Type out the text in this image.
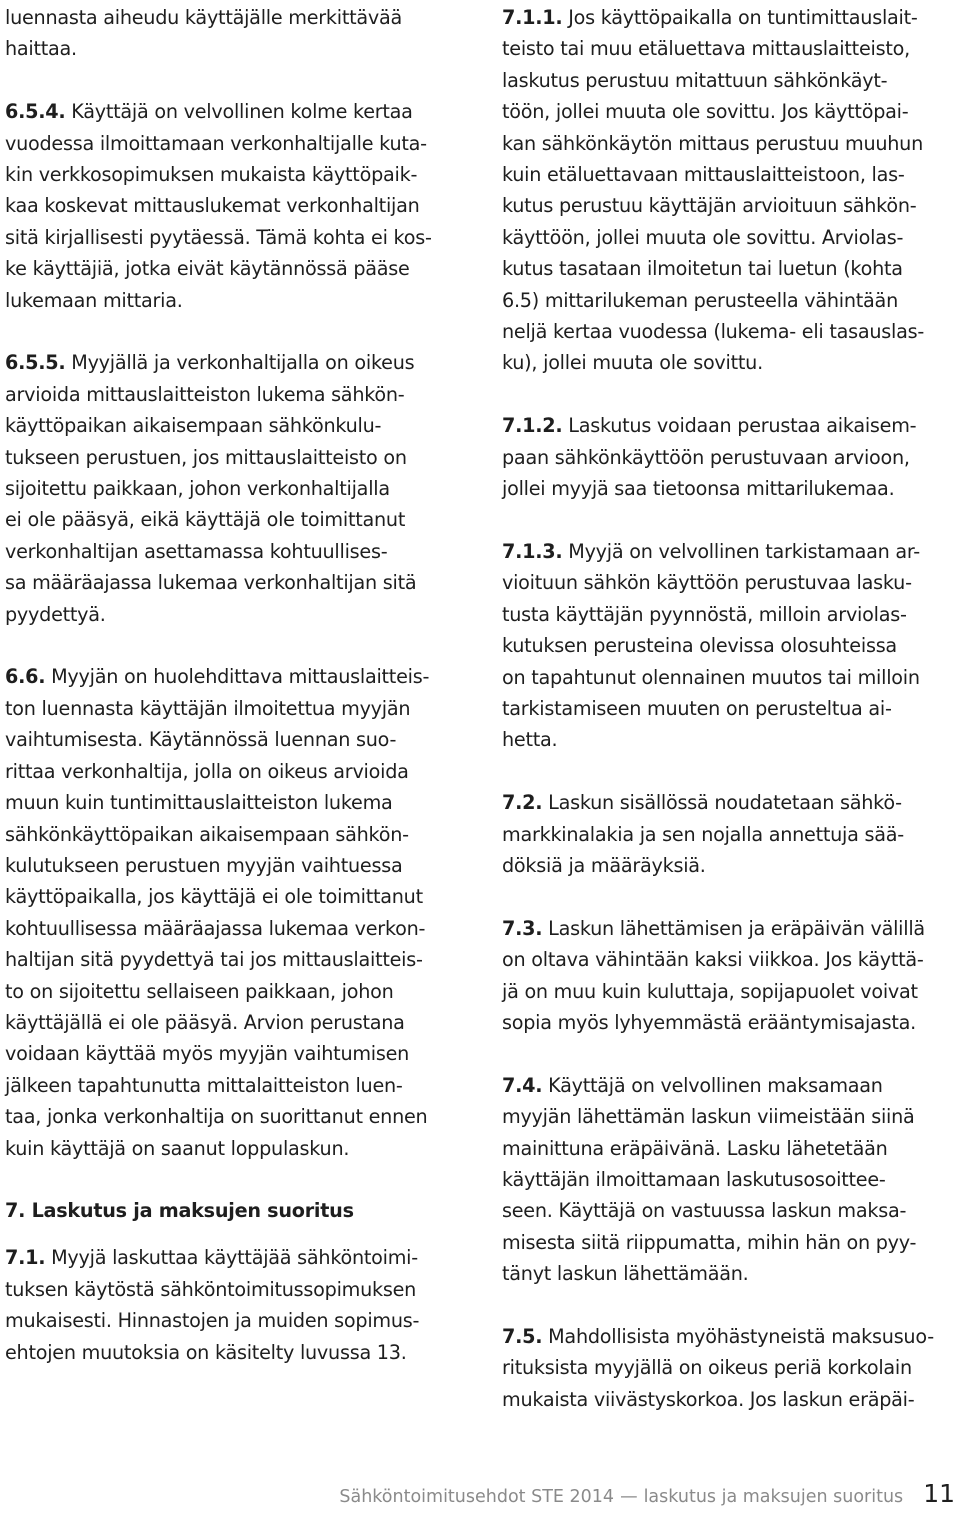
luennasta aiheudu käyttäjälle merkittävää
haittaa.
6.5.4. Käyttäjä on velvollinen kolme kertaa
vuodessa ilmoittamaan verkonhaltijalle kuta-
kin verkkosopimuksen mukaista käyttöpaik-
kaa koskevat mittauslukemat verkonhaltijan
sitä kirjallisesti pyytäessä. Tämä kohta ei kos-
ke käyttäjiä, jotka eivät käytännössä pääse
lukemaan mittaria.
6.5.5. Myyjällä ja verkonhaltijalla on oikeus
arvioida mittauslaitteiston lukema sähkön-
käyttöpaikan aikaisempaan sähkönkulu-
tukseen perustuen, jos mittauslaitteisto on
sijoitettu paikkaan, johon verkonhaltijalla
ei ole pääsyä, eikä käyttäjä ole toimittanut
verkonhaltijan asettamassa kohtuullises-
sa määräajassa lukemaa verkonhaltijan sitä
pyydettyä.
6.6. Myyjän on huolehdittava mittauslaitteis-
ton luennasta käyttäjän ilmoitettua myyjän
vaihtumisesta. Käytännössä luennan suo-
rittaa verkonhaltija, jolla on oikeus arvioida
muun kuin tuntimittauslaitteiston lukema
sähkönkäyttöpaikan aikaisempaan sähkön-
kulutukseen perustuen myyjän vaihtuessa
käyttöpaikalla, jos käyttäjä ei ole toimittanut
kohtuullisessa määräajassa lukemaa verkon-
haltijan sitä pyydettyä tai jos mittauslaitteis-
to on sijoitettu sellaiseen paikkaan, johon
käyttäjällä ei ole pääsyä. Arvion perustana
voidaan käyttää myös myyjän vaihtumisen
jälkeen tapahtunutta mittalaitteiston luen-
taa, jonka verkonhaltija on suorittanut ennen
kuin käyttäjä on saanut loppulaskun.
7. Laskutus ja maksujen suoritus
7.1. Myyjä laskuttaa käyttäjää sähköntoimi-
tuksen käytöstä sähköntoimitussopimuksen
mukaisesti. Hinnastojen ja muiden sopimus-
ehtojen muutoksia on käsitelty luvussa 13.
7.1.1. Jos käyttöpaikalla on tuntimittauslait-
teisto tai muu etäluettava mittauslaitteisto,
laskutus perustuu mitattuun sähkönkäyt-
töön, jollei muuta ole sovittu. Jos käyttöpai-
kan sähkönkäytön mittaus perustuu muuhun
kuin etäluettavaan mittauslaitteistoon, las-
kutus perustuu käyttäjän arvioituun sähkön-
käyttöön, jollei muuta ole sovittu. Arviolas-
kutus tasataan ilmoitetun tai luetun (kohta
6.5) mittarilukeman perusteella vähintään
neljä kertaa vuodessa (lukema- eli tasauslas-
ku), jollei muuta ole sovittu.
7.1.2. Laskutus voidaan perustaa aikaisem-
paan sähkönkäyttöön perustuvaan arvioon,
jollei myyjä saa tietoonsa mittarilukemaa.
7.1.3. Myyjä on velvollinen tarkistamaan ar-
vioituun sähkön käyttöön perustuvaa lasku-
tusta käyttäjän pyynnöstä, milloin arviolas-
kutuksen perusteina olevissa olosuhteissa
on tapahtunut olennainen muutos tai milloin
tarkistamiseen muuten on perusteltua ai-
hetta.
7.2. Laskun sisällössä noudatetaan sähkö-
markkinalakia ja sen nojalla annettuja sää-
döksiä ja määräyksiä.
7.3. Laskun lähettämisen ja eräpäivän välillä
on oltava vähintään kaksi viikkoa. Jos käyttä-
jä on muu kuin kuluttaja, sopijapuolet voivat
sopia myös lyhyemmästä erääntymisajasta.
7.4. Käyttäjä on velvollinen maksamaan
myyjän lähettämän laskun viimeistään siinä
mainittuna eräpäivänä. Lasku lähetetään
käyttäjän ilmoittamaan laskutusosoittee-
seen. Käyttäjä on vastuussa laskun maksa-
misesta siitä riippumatta, mihin hän on pyy-
tänyt laskun lähettämään.
7.5. Mahdollisista myöhästyneistä maksusuo-
rituksista myyjällä on oikeus periä korkolain
mukaista viivästyskorkoa. Jos laskun eräpäi-
Sähköntoimitusehdot STE 2014 — laskutus ja maksujen suoritus 11
